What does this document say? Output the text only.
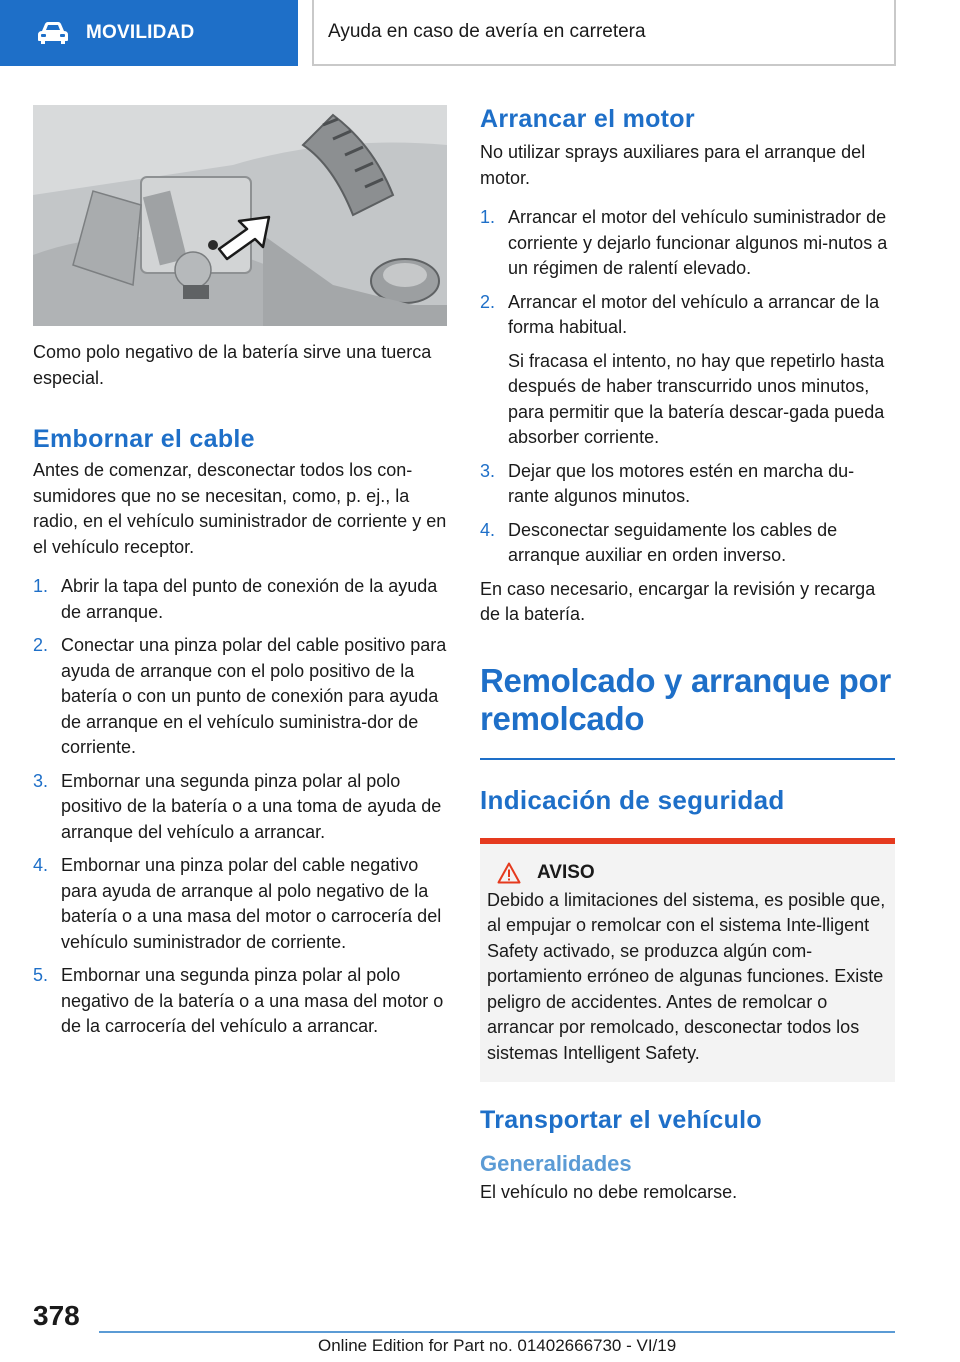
MOVILIDAD	Ayuda en caso de avería en carretera

Como polo negativo de la batería sirve una tuerca especial.

Embornar el cable

Antes de comenzar, desconectar todos los con-sumidores que no se necesitan, como, p. ej., la radio, en el vehículo suministrador de corriente y en el vehículo receptor.

1. Abrir la tapa del punto de conexión de la ayuda de arranque.
2. Conectar una pinza polar del cable positivo para ayuda de arranque con el polo positivo de la batería o con un punto de conexión para ayuda de arranque en el vehículo suministra-dor de corriente.
3. Embornar una segunda pinza polar al polo positivo de la batería o a una toma de ayuda de arranque del vehículo a arrancar.
4. Embornar una pinza polar del cable negativo para ayuda de arranque al polo negativo de la batería o a una masa del motor o carrocería del vehículo suministrador de corriente.
5. Embornar una segunda pinza polar al polo negativo de la batería o a una masa del motor o de la carrocería del vehículo a arrancar.
Arrancar el motor

No utilizar sprays auxiliares para el arranque del motor.

1. Arrancar el motor del vehículo suministrador de corriente y dejarlo funcionar algunos mi-nutos a un régimen de ralentí elevado.
2. Arrancar el motor del vehículo a arrancar de la forma habitual.
Si fracasa el intento, no hay que repetirlo hasta después de haber transcurrido unos minutos, para permitir que la batería descar-gada pueda absorber corriente.
3. Dejar que los motores estén en marcha du-rante algunos minutos.
4. Desconectar seguidamente los cables de arranque auxiliar en orden inverso.

En caso necesario, encargar la revisión y recarga de la batería.

Remolcado y arranque por remolcado
Indicación de seguridad
AVISO

Debido a limitaciones del sistema, es posible que, al empujar o remolcar con el sistema Inte-lligent Safety activado, se produzca algún com-portamiento erróneo de algunas funciones. Existe peligro de accidentes. Antes de remolcar o arrancar por remolcado, desconectar todos los sistemas Intelligent Safety.

Transportar el vehículo
Generalidades

El vehículo no debe remolcarse.

378
Online Edition for Part no. 01402666730 - VI/19
